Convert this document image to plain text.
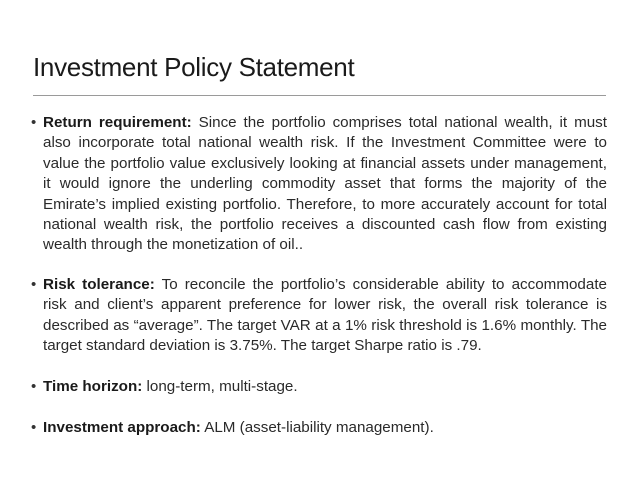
Investment Policy Statement
• Return requirement: Since the portfolio comprises total national wealth, it must also incorporate total national wealth risk. If the Investment Committee were to value the portfolio value exclusively looking at financial assets under management, it would ignore the underling commodity asset that forms the majority of the Emirate’s implied existing portfolio. Therefore, to more accurately account for total national wealth risk, the portfolio receives a discounted cash flow from existing wealth through the monetization of oil..
• Risk tolerance: To reconcile the portfolio’s considerable ability to accommodate risk and client’s apparent preference for lower risk, the overall risk tolerance is described as “average”. The target VAR at a 1% risk threshold is 1.6% monthly. The target standard deviation is 3.75%. The target Sharpe ratio is .79.
• Time horizon: long-term, multi-stage.
• Investment approach: ALM (asset-liability management).
